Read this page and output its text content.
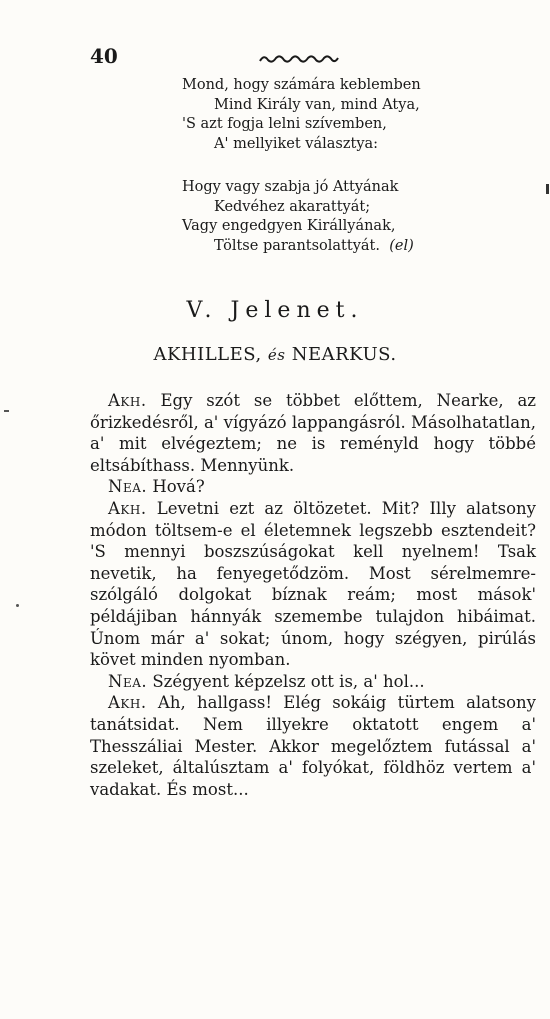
40
Mond, hogy számára keblemben
Mind Király van, mind Atya,
'S azt fogja lelni szívemben,
A' mellyiket választya:
Hogy vagy szabja jó Attyának
Kedvéhez akarattyát;
Vagy engedgyen Királlyának,
Töltse parantsolattyát. (el)
V. Jelenet.
AKHILLES, és NEARKUS.

Akh. Egy szót se többet előttem, Nearke, az őrizkedésről, a' vígyázó lappangásról. Másolhatatlan, a' mit elvégeztem; ne is reményld hogy többé eltsábíthass. Mennyünk.

Nea. Hová?

Akh. Levetni ezt az öltözetet. Mit? Illy alatsony módon töltsem-e el életemnek legszebb esztendeit? 'S mennyi boszszúságokat kell nyelnem! Tsak nevetik, ha fenyegetődzöm. Most sérelmemre-szólgáló dolgokat bíznak reám; most mások' példájiban hánnyák szemembe tulajdon hibáimat. Únom már a' sokat; únom, hogy szégyen, pirúlás követ minden nyomban.

Nea. Szégyent képzelsz ott is, a' hol...

Akh. Ah, hallgass! Elég sokáig türtem alatsony tanátsidat. Nem illyekre oktatott engem a' Thesszáliai Mester. Akkor megelőztem futással a' szeleket, általúsztam a' folyókat, földhöz vertem a' vadakat. És most...
